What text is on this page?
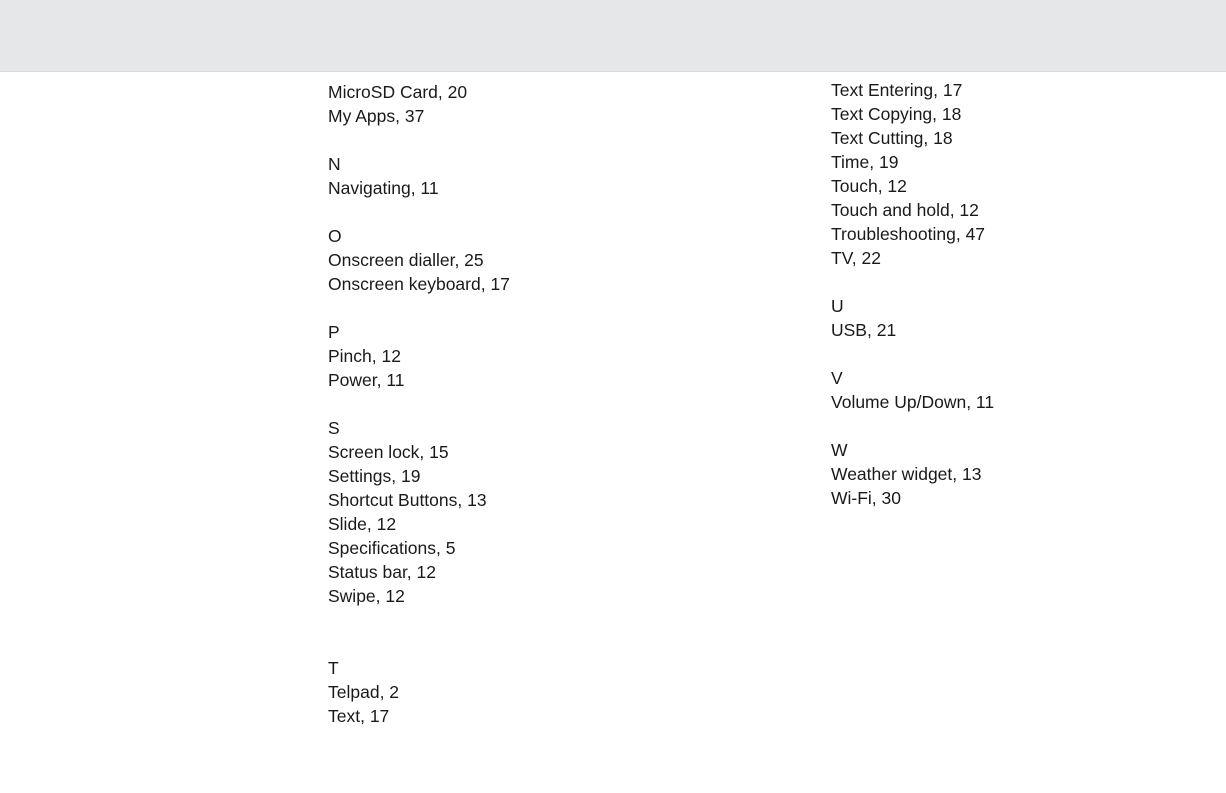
MicroSD Card, 20
My Apps, 37
N
Navigating, 11
O
Onscreen dialler, 25
Onscreen keyboard, 17
P
Pinch, 12
Power, 11
S
Screen lock, 15
Settings, 19
Shortcut Buttons, 13
Slide, 12
Specifications, 5
Status bar, 12
Swipe, 12
T
Telpad, 2
Text, 17
Text Entering, 17
Text Copying, 18
Text Cutting, 18
Time, 19
Touch, 12
Touch and hold, 12
Troubleshooting, 47
TV, 22
U
USB, 21
V
Volume Up/Down, 11
W
Weather widget, 13
Wi-Fi, 30
